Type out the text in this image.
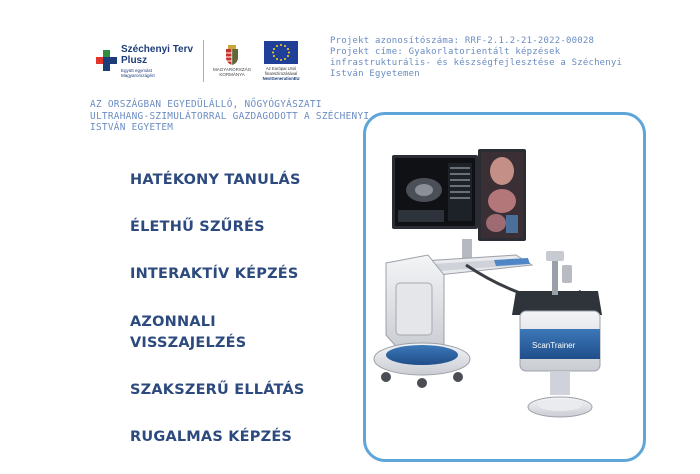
Széchenyi Terv
Plusz
Együtt egymást Magyarországért
MAGYARORSZÁG KORMÁNYA
Az Európai Unió
finanszírozásával
NextGenerationEU
Projekt azonosítószáma: RRF-2.1.2-21-2022-00028
Projekt címe: Gyakorlatorientált képzések infrastrukturális- és készségfejlesztése a Széchenyi István Egyetemen
AZ ORSZÁGBAN EGYEDÜLÁLLÓ, NŐGYÓGYÁSZATI ULTRAHANG-SZIMULÁTORRAL GAZDAGODOTT A SZÉCHENYI ISTVÁN EGYETEM
HATÉKONY TANULÁS
ÉLETHŰ SZŰRÉS
INTERAKTÍV KÉPZÉS
AZONNALI
VISSZAJELZÉS
SZAKSZERŰ ELLÁTÁS
RUGALMAS KÉPZÉS
ScanTrainer
